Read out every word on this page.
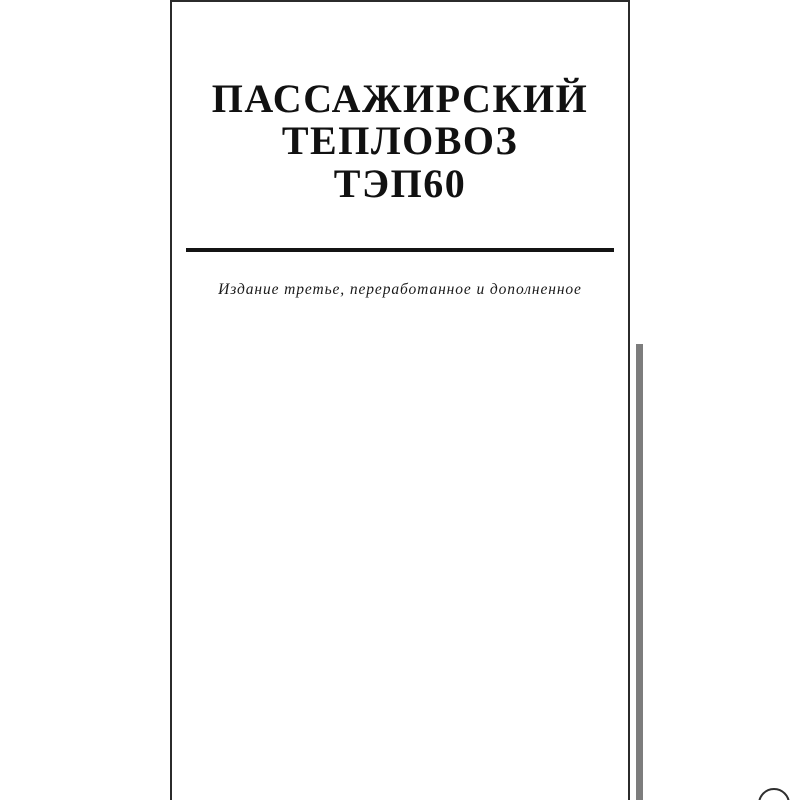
ПАССАЖИРСКИЙ
ТЕПЛОВОЗ
ТЭП60
Издание третье, переработанное и дополненное
